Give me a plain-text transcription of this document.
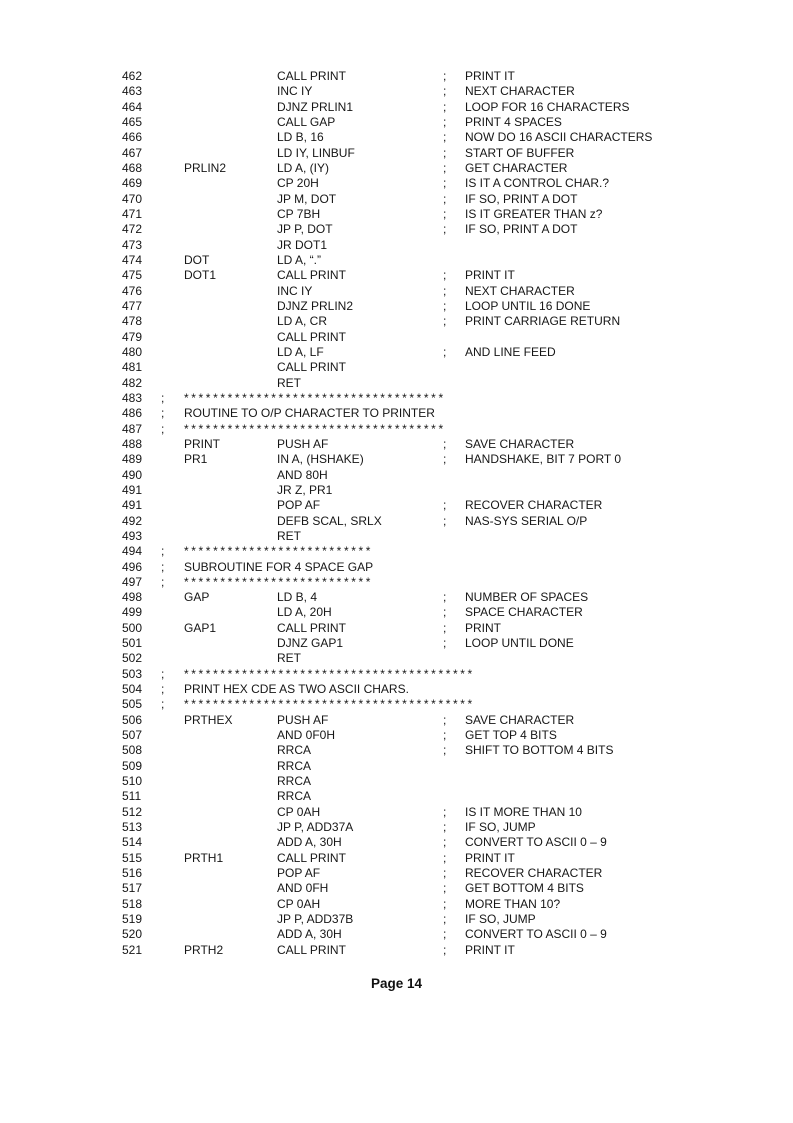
462	CALL PRINT	; PRINT IT
463	INC IY	; NEXT CHARACTER
464	DJNZ PRLIN1	; LOOP FOR 16 CHARACTERS
465	CALL GAP	; PRINT 4 SPACES
466	LD B, 16	; NOW DO 16 ASCII CHARACTERS
467	LD IY, LINBUF	; START OF BUFFER
468	PRLIN2	LD A, (IY)	; GET CHARACTER
469	CP 20H	; IS IT A CONTROL CHAR.?
470	JP M, DOT	; IF SO, PRINT A DOT
471	CP 7BH	; IS IT GREATER THAN z?
472	JP P, DOT	; IF SO, PRINT A DOT
473	JR DOT1
474	DOT	LD A, “.”
475	DOT1	CALL PRINT	; PRINT IT
476	INC IY	; NEXT CHARACTER
477	DJNZ PRLIN2	; LOOP UNTIL 16 DONE
478	LD A, CR	; PRINT CARRIAGE RETURN
479	CALL PRINT
480	LD A, LF	; AND LINE FEED
481	CALL PRINT
482	RET
483 ; ************************************
486 ; ROUTINE TO O/P CHARACTER TO PRINTER
487 ; ************************************
488	PRINT	PUSH AF	; SAVE CHARACTER
489	PR1	IN A, (HSHAKE)	; HANDSHAKE, BIT 7 PORT 0
490	AND 80H
491	JR Z, PR1
491	POP AF	; RECOVER CHARACTER
492	DEFB SCAL, SRLX	; NAS-SYS SERIAL O/P
493	RET
494 ; **************************
496 ; SUBROUTINE FOR 4 SPACE GAP
497 ; **************************
498	GAP	LD B, 4	; NUMBER OF SPACES
499	LD A, 20H	; SPACE CHARACTER
500	GAP1	CALL PRINT	; PRINT
501	DJNZ GAP1	; LOOP UNTIL DONE
502	RET
503 ; ****************************************
504 ; PRINT HEX CDE AS TWO ASCII CHARS.
505 ; ****************************************
506	PRTHEX	PUSH AF	; SAVE CHARACTER
507	AND 0F0H	; GET TOP 4 BITS
508	RRCA	; SHIFT TO BOTTOM 4 BITS
509	RRCA
510	RRCA
511	RRCA
512	CP 0AH	; IS IT MORE THAN 10
513	JP P, ADD37A	; IF SO, JUMP
514	ADD A, 30H	; CONVERT TO ASCII 0 – 9
515	PRTH1	CALL PRINT	; PRINT IT
516	POP AF	; RECOVER CHARACTER
517	AND 0FH	; GET BOTTOM 4 BITS
518	CP 0AH	; MORE THAN 10?
519	JP P, ADD37B	; IF SO, JUMP
520	ADD A, 30H	; CONVERT TO ASCII 0 – 9
521	PRTH2	CALL PRINT	; PRINT IT
Page 14
